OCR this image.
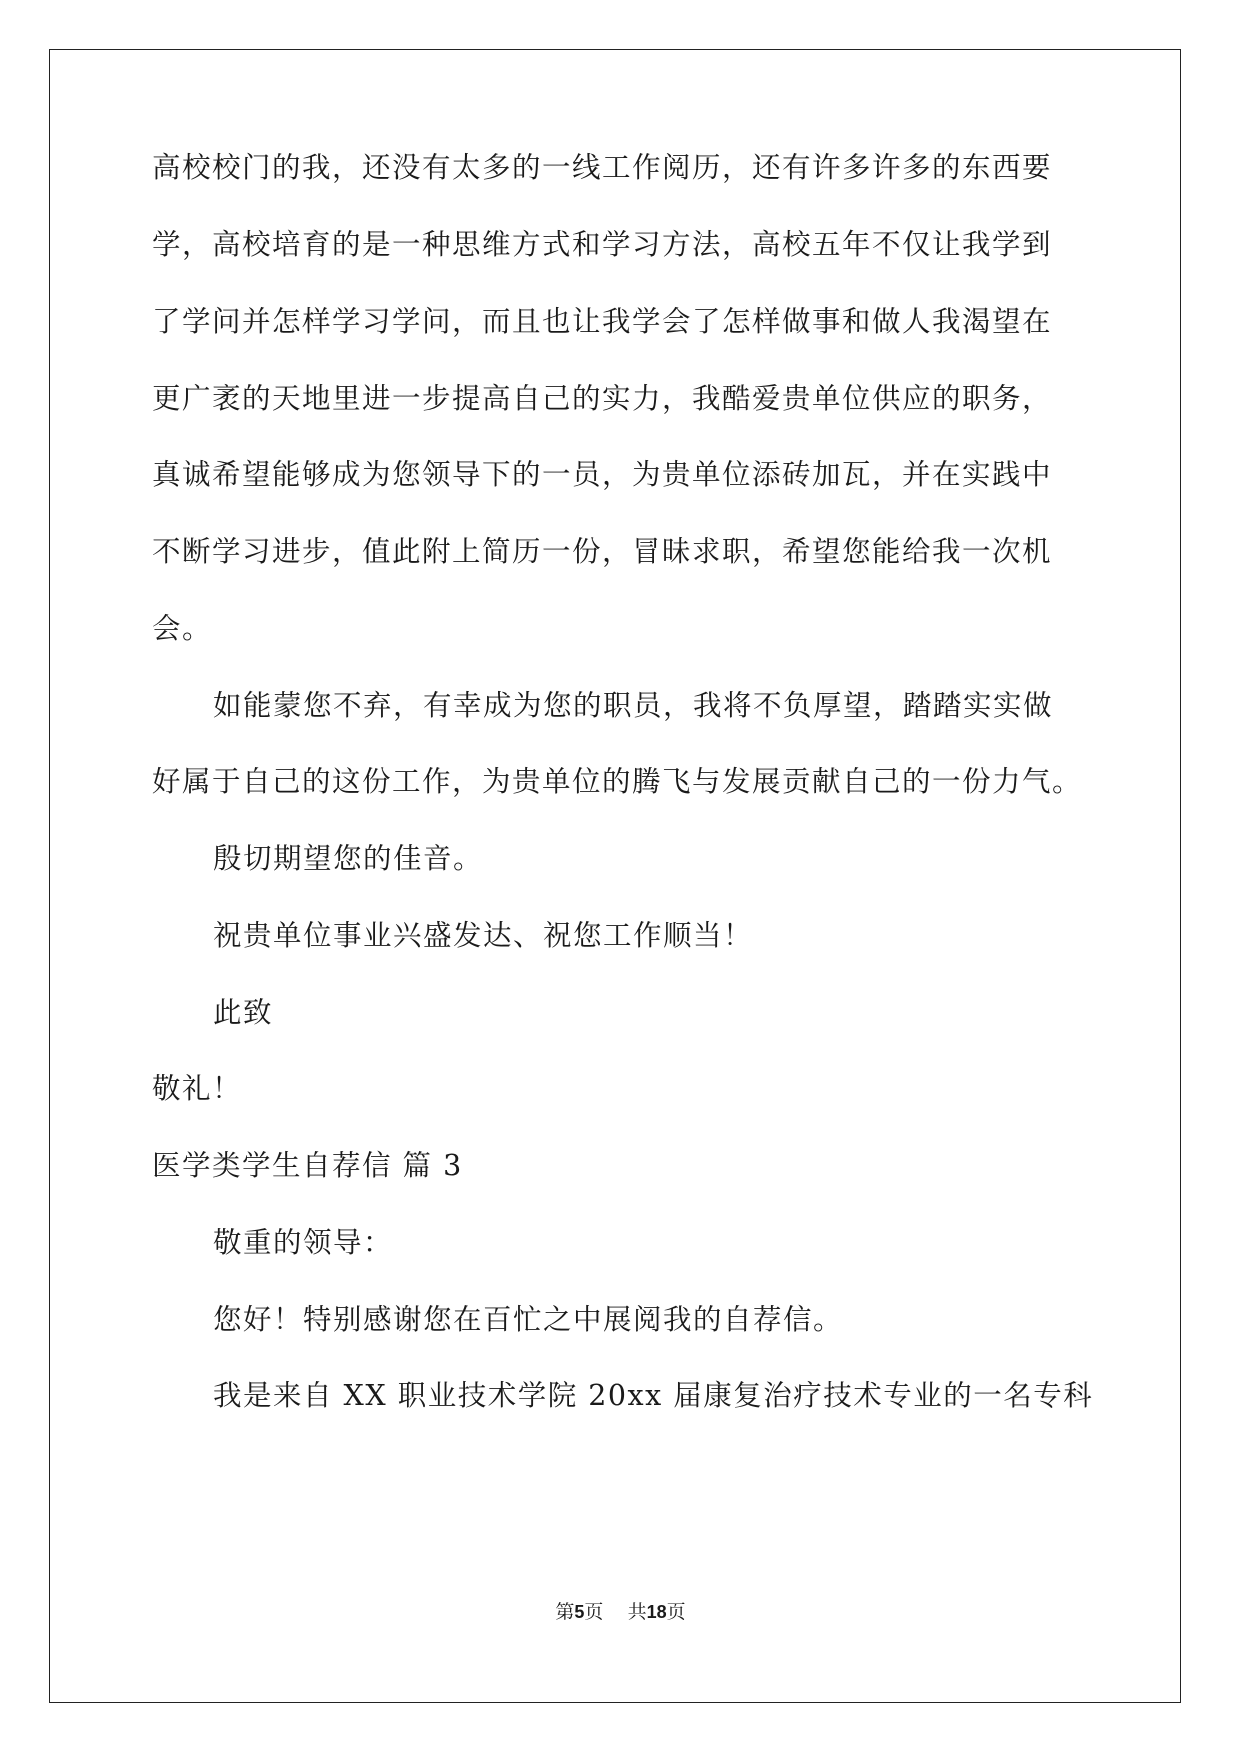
高校校门的我，还没有太多的一线工作阅历，还有许多许多的东西要
学，高校培育的是一种思维方式和学习方法，高校五年不仅让我学到
了学问并怎样学习学问，而且也让我学会了怎样做事和做人我渴望在
更广袤的天地里进一步提高自己的实力，我酷爱贵单位供应的职务，
真诚希望能够成为您领导下的一员，为贵单位添砖加瓦，并在实践中
不断学习进步，值此附上简历一份，冒昧求职，希望您能给我一次机
会。
如能蒙您不弃，有幸成为您的职员，我将不负厚望，踏踏实实做
好属于自己的这份工作，为贵单位的腾飞与发展贡献自己的一份力气。
殷切期望您的佳音。
祝贵单位事业兴盛发达、祝您工作顺当！
此致
敬礼！
医学类学生自荐信 篇 3
敬重的领导：
您好！特别感谢您在百忙之中展阅我的自荐信。
我是来自 XX 职业技术学院 20xx 届康复治疗技术专业的一名专科
第5页 共18页
